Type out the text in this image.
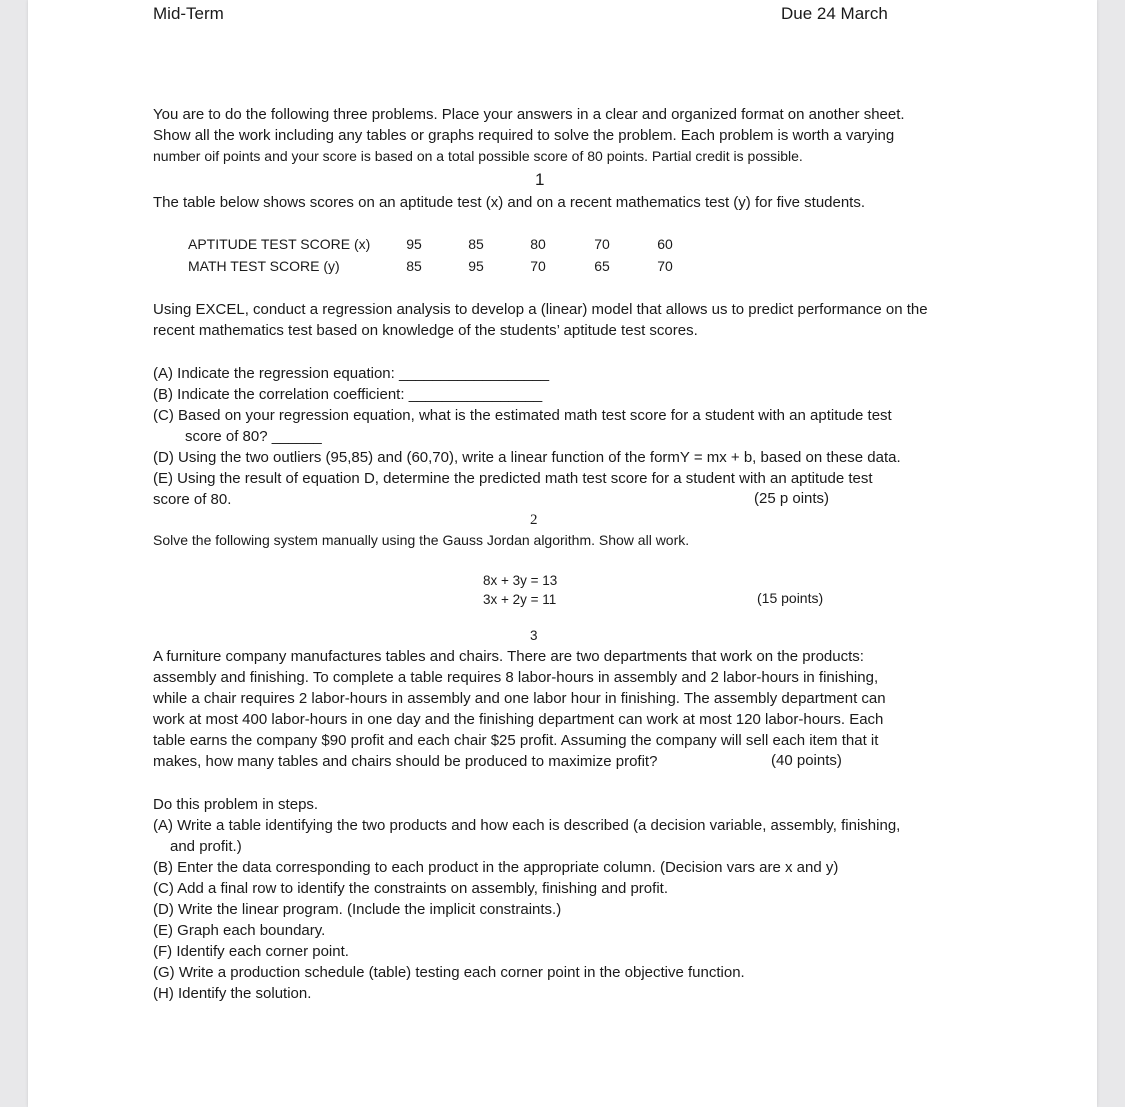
Mid-Term	Due 24 March
You are to do the following three problems. Place your answers in a clear and organized format on another sheet.
Show all the work including any tables or graphs required to solve the problem. Each problem is worth a varying
number oif points and your score is based on a total possible score of 80 points. Partial credit is possible.
1
The table below shows scores on an aptitude test (x) and on a recent mathematics test (y) for five students.
APTITUDE TEST SCORE (x)	95	85	80	70	60
MATH TEST SCORE (y)	85	95	70	65	70
Using EXCEL, conduct a regression analysis to develop a (linear) model that allows us to predict performance on the
recent mathematics test based on knowledge of the students’ aptitude test scores.
(A) Indicate the regression equation: __________________
(B) Indicate the correlation coefficient: ________________
(C) Based on your regression equation, what is the estimated math test score for a student with an aptitude test
score of 80? ______
(D) Using the two outliers (95,85) and (60,70), write a linear function of the formY = mx + b, based on these data.
(E) Using the result of equation D, determine the predicted math test score for a student with an aptitude test
score of 80.	(25 p oints)
2
Solve the following system manually using the Gauss Jordan algorithm. Show all work.
8x + 3y = 13
3x + 2y = 11	(15 points)
3
A furniture company manufactures tables and chairs. There are two departments that work on the products:
assembly and finishing. To complete a table requires 8 labor-hours in assembly and 2 labor-hours in finishing,
while a chair requires 2 labor-hours in assembly and one labor hour in finishing. The assembly department can
work at most 400 labor-hours in one day and the finishing department can work at most 120 labor-hours. Each
table earns the company $90 profit and each chair $25 profit. Assuming the company will sell each item that it
makes, how many tables and chairs should be produced to maximize profit?	(40 points)
Do this problem in steps.
(A) Write a table identifying the two products and how each is described (a decision variable, assembly, finishing,
and profit.)
(B) Enter the data corresponding to each product in the appropriate column. (Decision vars are x and y)
(C) Add a final row to identify the constraints on assembly, finishing and profit.
(D) Write the linear program. (Include the implicit constraints.)
(E) Graph each boundary.
(F) Identify each corner point.
(G) Write a production schedule (table) testing each corner point in the objective function.
(H) Identify the solution.
